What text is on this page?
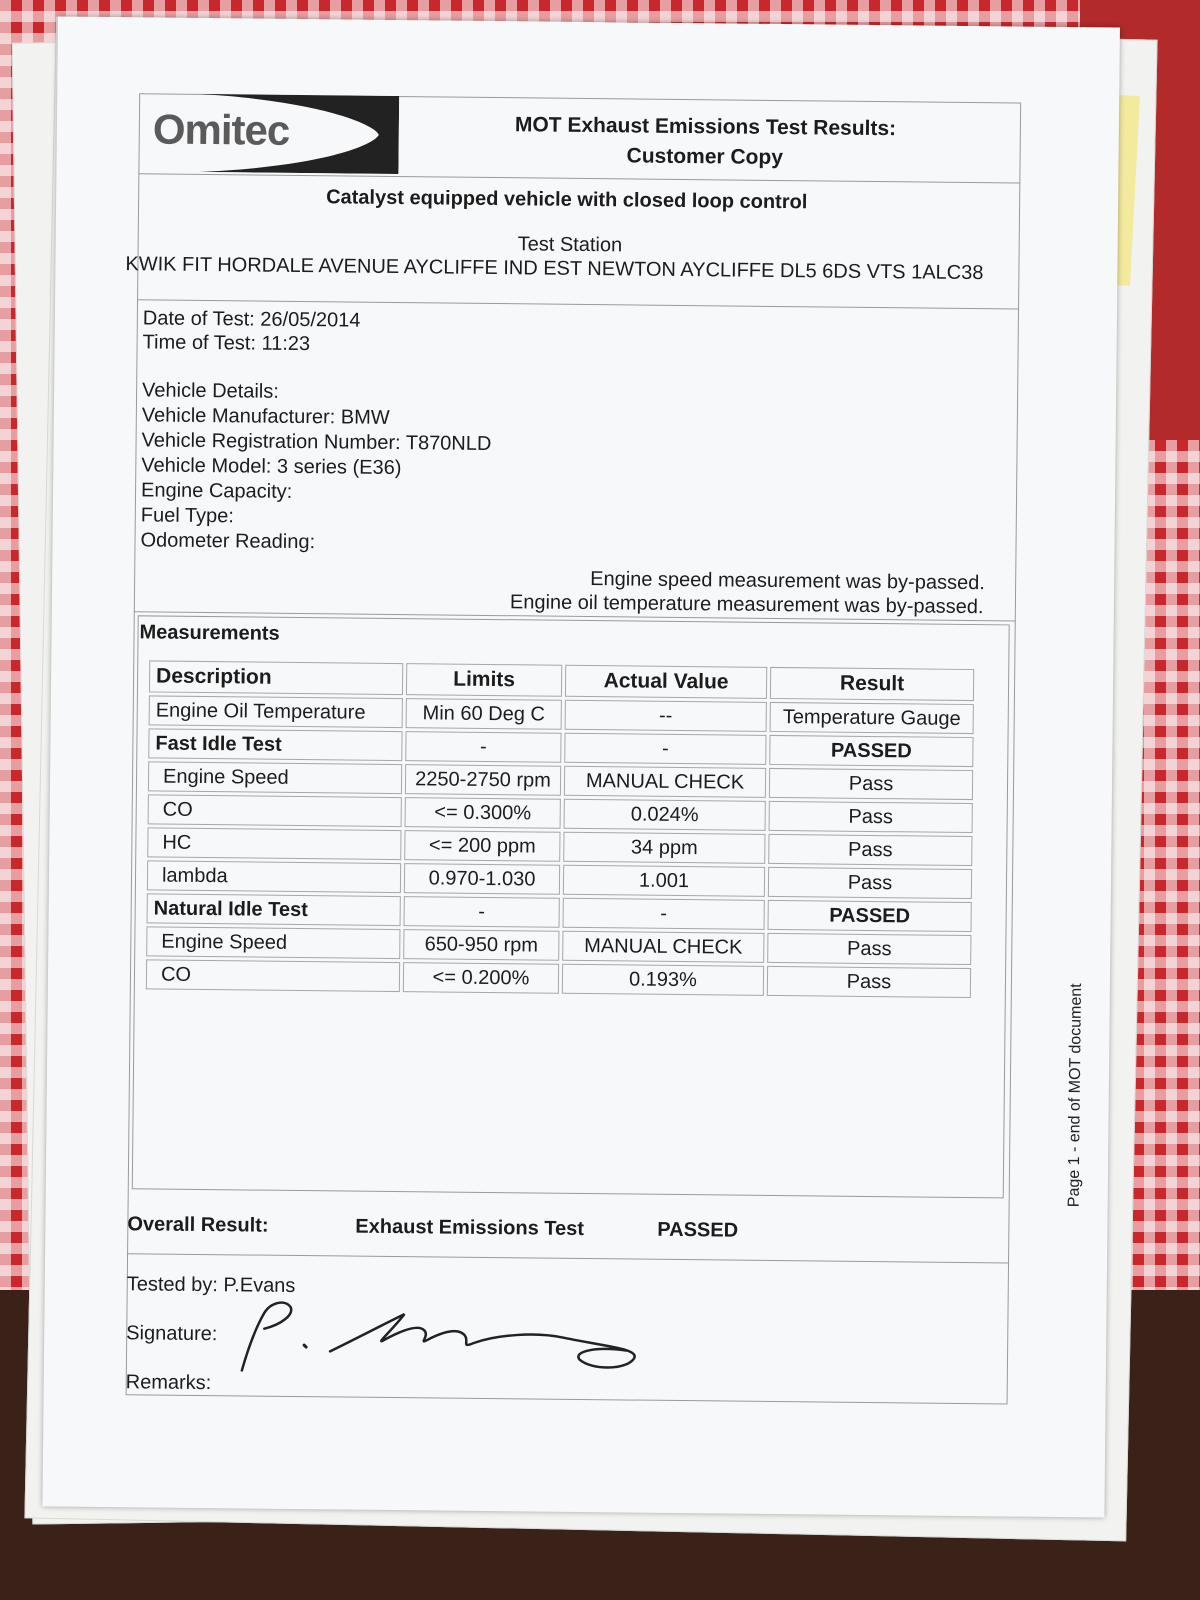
Omitec	MOT Exhaust Emissions Test Results:
Customer Copy
Catalyst equipped vehicle with closed loop control
Test Station
KWIK FIT HORDALE AVENUE AYCLIFFE IND EST NEWTON AYCLIFFE DL5 6DS VTS 1ALC38
Date of Test: 26/05/2014
Time of Test: 11:23
Vehicle Details:
Vehicle Manufacturer: BMW
Vehicle Registration Number: T870NLD
Vehicle Model: 3 series (E36)
Engine Capacity:
Fuel Type:
Odometer Reading:
Engine speed measurement was by-passed.
Engine oil temperature measurement was by-passed.
Measurements
Description	Limits	Actual Value	Result
Engine Oil Temperature	Min 60 Deg C	--	Temperature Gauge
Fast Idle Test	-	-	PASSED
Engine Speed	2250-2750 rpm	MANUAL CHECK	Pass
CO	<= 0.300%	0.024%	Pass
HC	<= 200 ppm	34 ppm	Pass
lambda	0.970-1.030	1.001	Pass
Natural Idle Test	-	-	PASSED
Engine Speed	650-950 rpm	MANUAL CHECK	Pass
CO	<= 0.200%	0.193%	Pass
Overall Result:	Exhaust Emissions Test	PASSED
Tested by: P.Evans
Signature:
Remarks:
Page 1 - end of MOT document
